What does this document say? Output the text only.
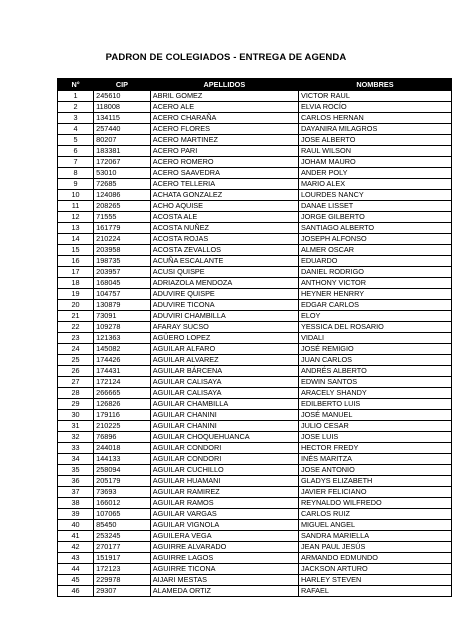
PADRON DE COLEGIADOS - ENTREGA DE AGENDA
N°	CIP	APELLIDOS	NOMBRES
1	245610	ABRIL GOMEZ	VICTOR RAUL
2	118008	ACERO ALE	ELVIA ROCÍO
3	134115	ACERO CHARAÑA	CARLOS HERNAN
4	257440	ACERO FLORES	DAYANIRA MILAGROS
5	80207	ACERO MARTINEZ	JOSE ALBERTO
6	183381	ACERO PARI	RAUL WILSON
7	172067	ACERO ROMERO	JOHAM MAURO
8	53010	ACERO SAAVEDRA	ANDER POLY
9	72685	ACERO TELLERIA	MARIO ALEX
10	124086	ACHATA GONZALEZ	LOURDES NANCY
11	208265	ACHO AQUISE	DANAE LISSET
12	71555	ACOSTA ALE	JORGE GILBERTO
13	161779	ACOSTA NUÑEZ	SANTIAGO ALBERTO
14	210224	ACOSTA ROJAS	JOSEPH ALFONSO
15	203958	ACOSTA ZEVALLOS	ALMER OSCAR
16	198735	ACUÑA ESCALANTE	EDUARDO
17	203957	ACUSI QUISPE	DANIEL RODRIGO
18	168045	ADRIAZOLA MENDOZA	ANTHONY VICTOR
19	104757	ADUVIRE QUISPE	HEYNER HENRRY
20	130879	ADUVIRE TICONA	EDGAR CARLOS
21	73091	ADUVIRI CHAMBILLA	ELOY
22	109278	AFARAY SUCSO	YESSICA DEL ROSARIO
23	121363	AGÜERO LOPEZ	VIDALI
24	145082	AGUILAR ALFARO	JOSÉ REMIGIO
25	174426	AGUILAR ALVAREZ	JUAN CARLOS
26	174431	AGUILAR BÁRCENA	ANDRÉS ALBERTO
27	172124	AGUILAR CALISAYA	EDWIN SANTOS
28	266665	AGUILAR CALISAYA	ARACELY SHANDY
29	126826	AGUILAR CHAMBILLA	EDILBERTO LUIS
30	179116	AGUILAR CHANINI	JOSÉ MANUEL
31	210225	AGUILAR CHANINI	JULIO CESAR
32	76896	AGUILAR CHOQUEHUANCA	JOSE LUIS
33	244018	AGUILAR CONDORI	HECTOR FREDY
34	144133	AGUILAR CONDORI	INÉS MARITZA
35	258094	AGUILAR CUCHILLO	JOSE ANTONIO
36	205179	AGUILAR HUAMANI	GLADYS ELIZABETH
37	73693	AGUILAR RAMIREZ	JAVIER FELICIANO
38	166012	AGUILAR RAMOS	REYNALDO WILFREDO
39	107065	AGUILAR VARGAS	CARLOS RUIZ
40	85450	AGUILAR VIGNOLA	MIGUEL ANGEL
41	253245	AGUILERA VEGA	SANDRA MARIELLA
42	270177	AGUIRRE ALVARADO	JEAN PAUL JESÚS
43	151917	AGUIRRE LAGOS	ARMANDO EDMUNDO
44	172123	AGUIRRE TICONA	JACKSON ARTURO
45	229978	AIJARI MESTAS	HARLEY STEVEN
46	29307	ALAMEDA ORTIZ	RAFAEL
